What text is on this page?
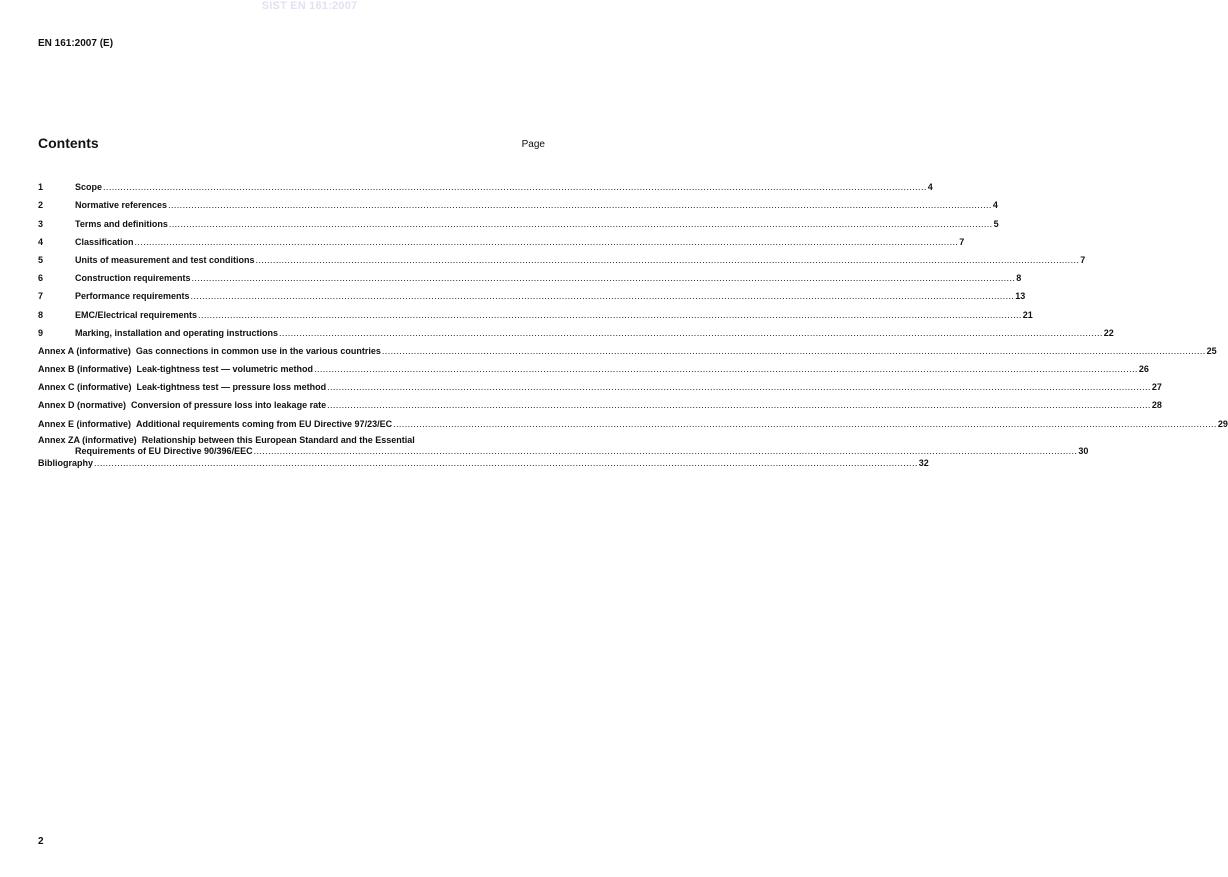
SIST EN 161:2007
EN 161:2007 (E)
Contents	Page
1	Scope .....	4
2	Normative references .....	4
3	Terms and definitions .....	5
4	Classification .....	7
5	Units of measurement and test conditions .....	7
6	Construction requirements .....	8
7	Performance requirements .....	13
8	EMC/Electrical requirements .....	21
9	Marking, installation and operating instructions .....	22
Annex A (informative) Gas connections in common use in the various countries .....	25
Annex B (informative) Leak-tightness test — volumetric method .....	26
Annex C (informative) Leak-tightness test — pressure loss method .....	27
Annex D (normative) Conversion of pressure loss into leakage rate .....	28
Annex E (informative) Additional requirements coming from EU Directive 97/23/EC .....	29
Annex ZA (informative) Relationship between this European Standard and the Essential
Requirements of EU Directive 90/396/EEC .....	30
Bibliography .....	32
2
